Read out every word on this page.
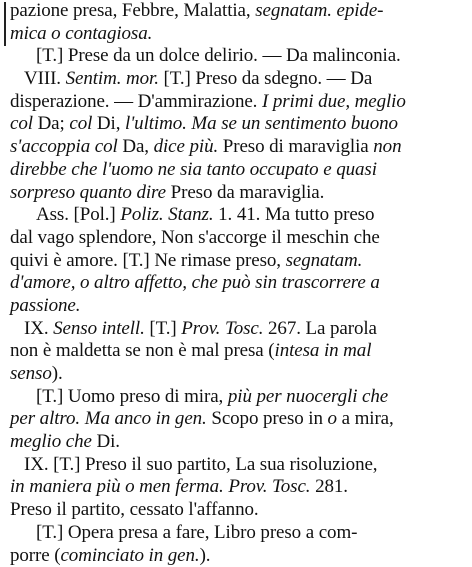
pazione presa, Febbre, Malattia, segnatam. epide-
mica o contagiosa.
[T.] Prese da un dolce delirio. — Da malinconia.
VIII. Sentim. mor. [T.] Preso da sdegno. — Da
disperazione. — D'ammirazione. I primi due, meglio
col Da; col Di, l'ultimo. Ma se un sentimento buono
s'accoppia col Da, dice più. Preso di maraviglia non
direbbe che l'uomo ne sia tanto occupato e quasi
sorpreso quanto dire Preso da maraviglia.
Ass. [Pol.] Poliz. Stanz. 1. 41. Ma tutto preso
dal vago splendore, Non s'accorge il meschin che
quivi è amore. [T.] Ne rimase preso, segnatam.
d'amore, o altro affetto, che può sin trascorrere a
passione.
IX. Senso intell. [T.] Prov. Tosc. 267. La parola
non è maldetta se non è mal presa (intesa in mal
senso).
[T.] Uomo preso di mira, più per nuocergli che
per altro. Ma anco in gen. Scopo preso in o a mira,
meglio che Di.
IX. [T.] Preso il suo partito, La sua risoluzione,
in maniera più o men ferma. Prov. Tosc. 281.
Preso il partito, cessato l'affanno.
[T.] Opera presa a fare, Libro preso a com-
porre (cominciato in gen.).
